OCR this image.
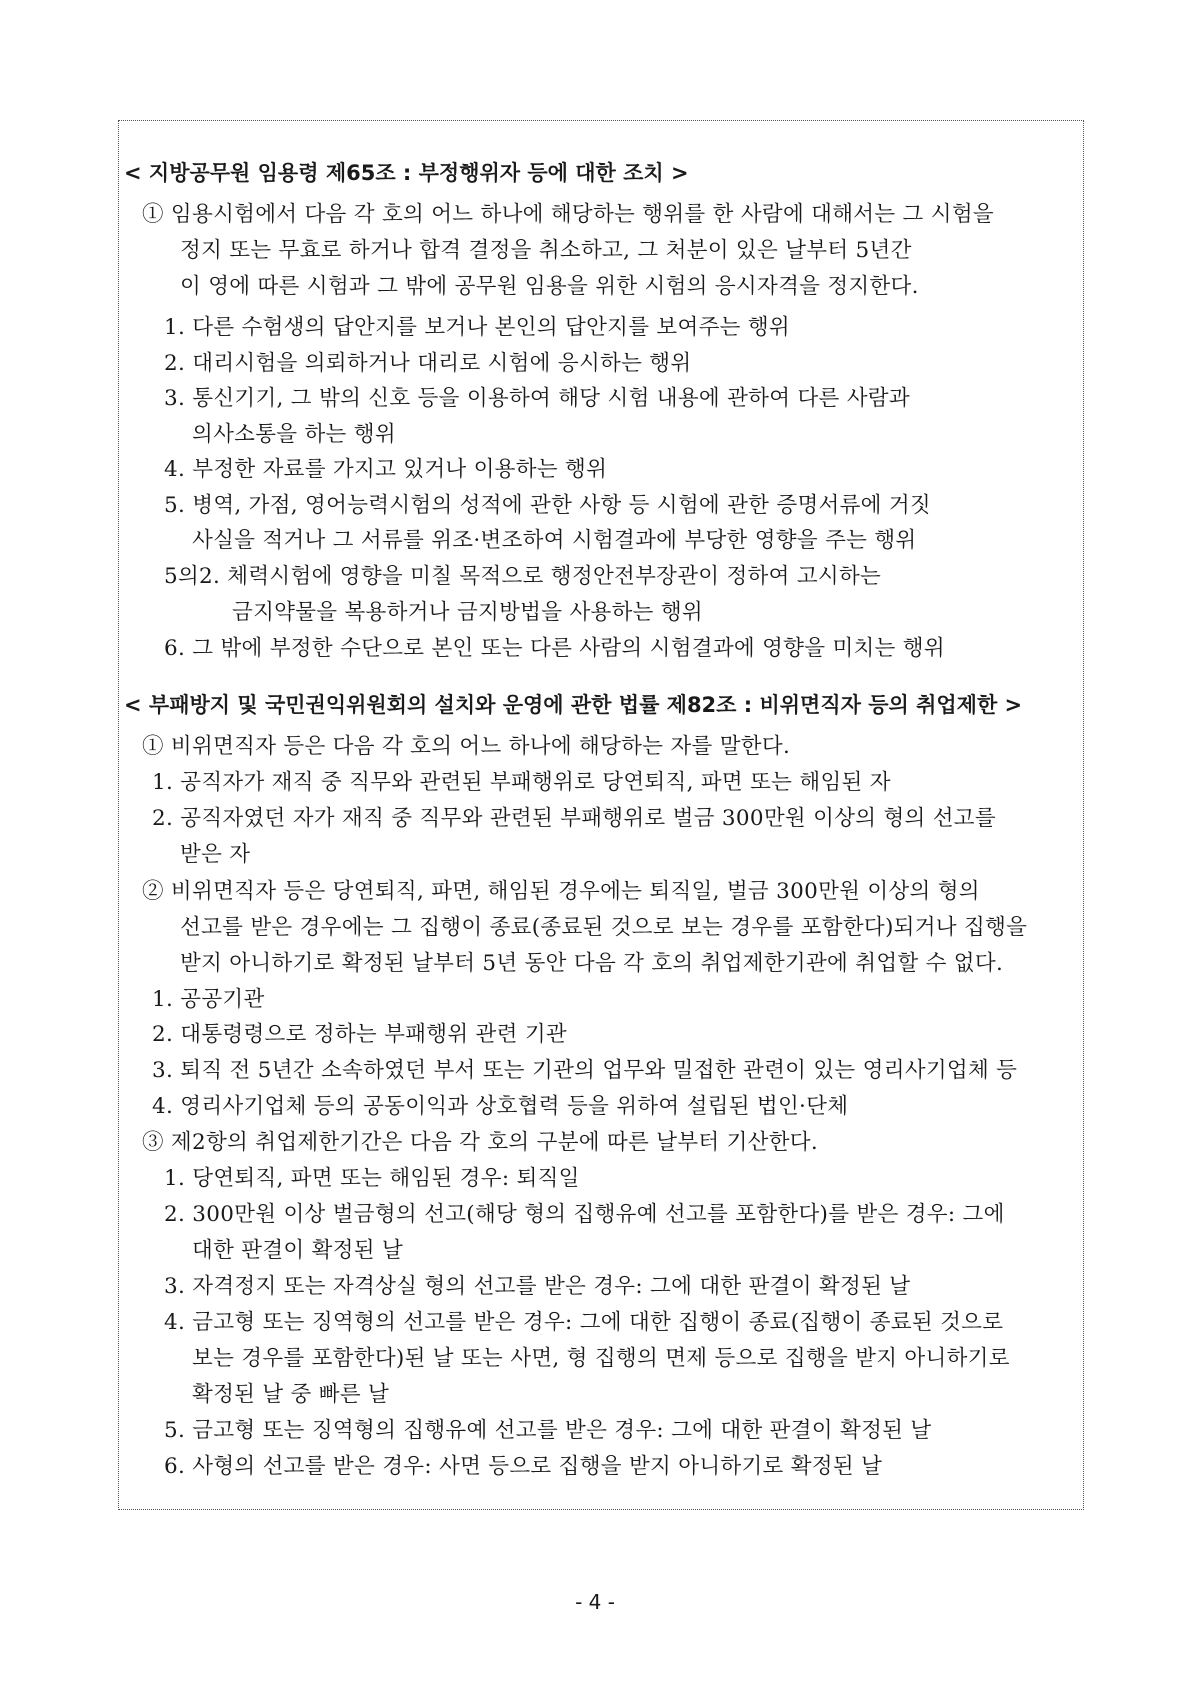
< 지방공무원 임용령 제65조 : 부정행위자 등에 대한 조치 >
① 임용시험에서 다음 각 호의 어느 하나에 해당하는 행위를 한 사람에 대해서는 그 시험을
정지 또는 무효로 하거나 합격 결정을 취소하고, 그 처분이 있은 날부터 5년간
이 영에 따른 시험과 그 밖에 공무원 임용을 위한 시험의 응시자격을 정지한다.
1. 다른 수험생의 답안지를 보거나 본인의 답안지를 보여주는 행위
2. 대리시험을 의뢰하거나 대리로 시험에 응시하는 행위
3. 통신기기, 그 밖의 신호 등을 이용하여 해당 시험 내용에 관하여 다른 사람과
의사소통을 하는 행위
4. 부정한 자료를 가지고 있거나 이용하는 행위
5. 병역, 가점, 영어능력시험의 성적에 관한 사항 등 시험에 관한 증명서류에 거짓
사실을 적거나 그 서류를 위조·변조하여 시험결과에 부당한 영향을 주는 행위
5의2. 체력시험에 영향을 미칠 목적으로 행정안전부장관이 정하여 고시하는
금지약물을 복용하거나 금지방법을 사용하는 행위
6. 그 밖에 부정한 수단으로 본인 또는 다른 사람의 시험결과에 영향을 미치는 행위
< 부패방지 및 국민권익위원회의 설치와 운영에 관한 법률 제82조 : 비위면직자 등의 취업제한 >
① 비위면직자 등은 다음 각 호의 어느 하나에 해당하는 자를 말한다.
1. 공직자가 재직 중 직무와 관련된 부패행위로 당연퇴직, 파면 또는 해임된 자
2. 공직자였던 자가 재직 중 직무와 관련된 부패행위로 벌금 300만원 이상의 형의 선고를
받은 자
② 비위면직자 등은 당연퇴직, 파면, 해임된 경우에는 퇴직일, 벌금 300만원 이상의 형의
선고를 받은 경우에는 그 집행이 종료(종료된 것으로 보는 경우를 포함한다)되거나 집행을
받지 아니하기로 확정된 날부터 5년 동안 다음 각 호의 취업제한기관에 취업할 수 없다.
1. 공공기관
2. 대통령령으로 정하는 부패행위 관련 기관
3. 퇴직 전 5년간 소속하였던 부서 또는 기관의 업무와 밀접한 관련이 있는 영리사기업체 등
4. 영리사기업체 등의 공동이익과 상호협력 등을 위하여 설립된 법인·단체
③ 제2항의 취업제한기간은 다음 각 호의 구분에 따른 날부터 기산한다.
1. 당연퇴직, 파면 또는 해임된 경우: 퇴직일
2. 300만원 이상 벌금형의 선고(해당 형의 집행유예 선고를 포함한다)를 받은 경우: 그에
대한 판결이 확정된 날
3. 자격정지 또는 자격상실 형의 선고를 받은 경우: 그에 대한 판결이 확정된 날
4. 금고형 또는 징역형의 선고를 받은 경우: 그에 대한 집행이 종료(집행이 종료된 것으로
보는 경우를 포함한다)된 날 또는 사면, 형 집행의 면제 등으로 집행을 받지 아니하기로
확정된 날 중 빠른 날
5. 금고형 또는 징역형의 집행유예 선고를 받은 경우: 그에 대한 판결이 확정된 날
6. 사형의 선고를 받은 경우: 사면 등으로 집행을 받지 아니하기로 확정된 날
- 4 -
